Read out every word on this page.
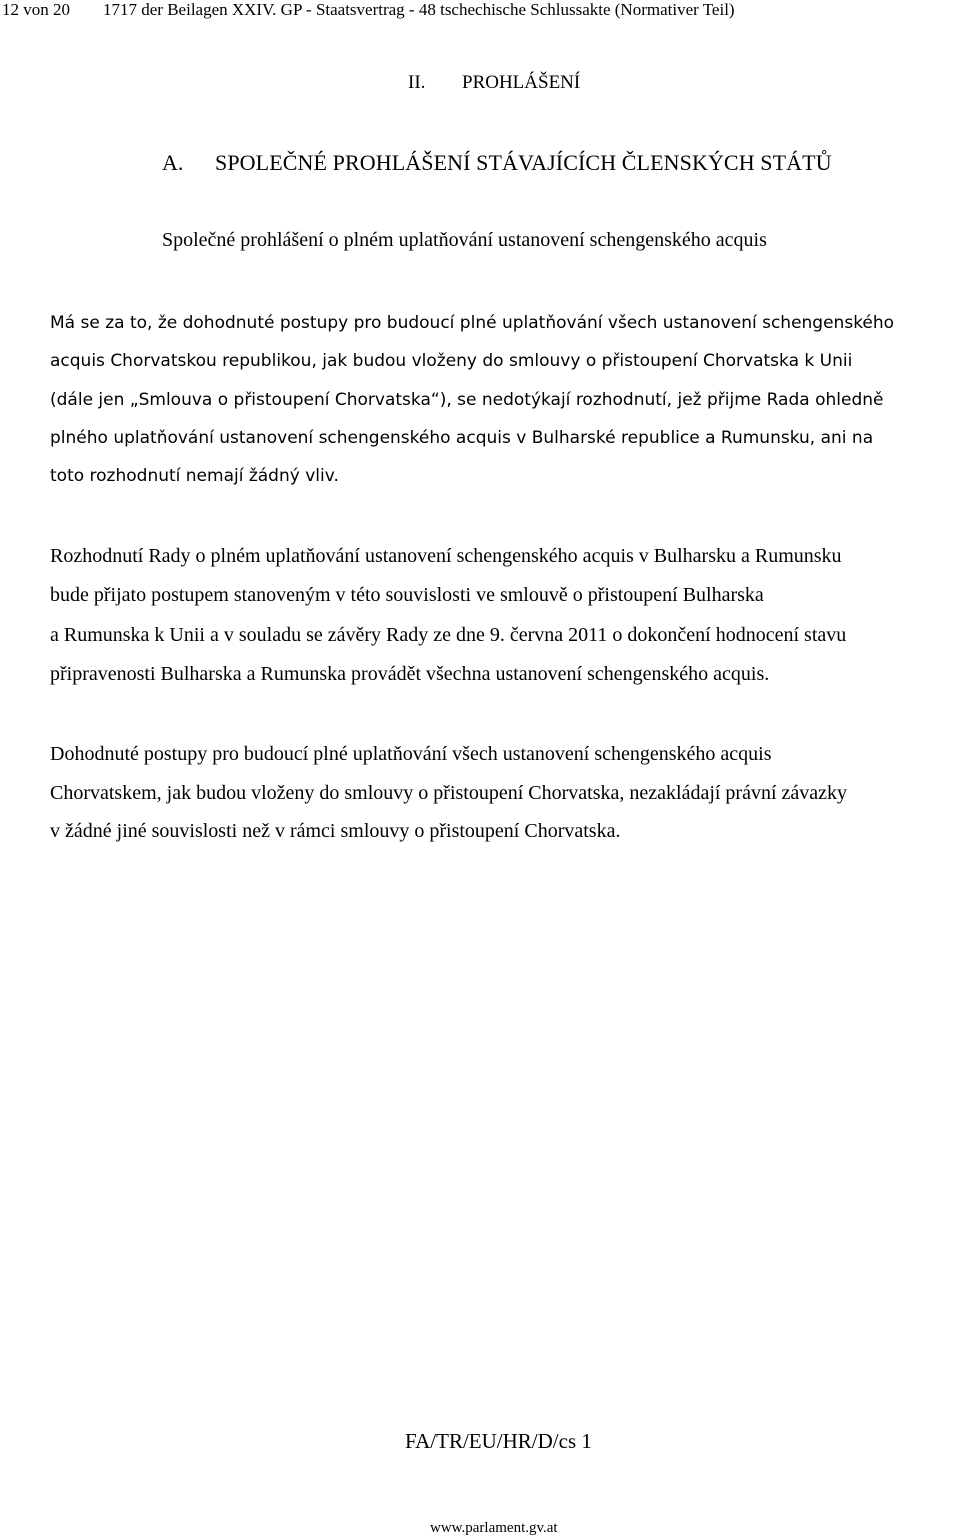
12 von 20 1717 der Beilagen XXIV. GP - Staatsvertrag - 48 tschechische Schlussakte (Normativer Teil)
II. PROHLÁŠENÍ
A. SPOLEČNÉ PROHLÁŠENÍ STÁVAJÍCÍCH ČLENSKÝCH STÁTŮ
Společné prohlášení o plném uplatňování ustanovení schengenského acquis
Má se za to, že dohodnuté postupy pro budoucí plné uplatňování všech ustanovení schengenského
acquis Chorvatskou republikou, jak budou vloženy do smlouvy o přistoupení Chorvatska k Unii
(dále jen „Smlouva o přistoupení Chorvatska“), se nedotýkají rozhodnutí, jež přijme Rada ohledně
plného uplatňování ustanovení schengenského acquis v Bulharské republice a Rumunsku, ani na
toto rozhodnutí nemají žádný vliv.
Rozhodnutí Rady o plném uplatňování ustanovení schengenského acquis v Bulharsku a Rumunsku
bude přijato postupem stanoveným v této souvislosti ve smlouvě o přistoupení Bulharska
a Rumunska k Unii a v souladu se závěry Rady ze dne 9. června 2011 o dokončení hodnocení stavu
připravenosti Bulharska a Rumunska provádět všechna ustanovení schengenského acquis.
Dohodnuté postupy pro budoucí plné uplatňování všech ustanovení schengenského acquis
Chorvatskem, jak budou vloženy do smlouvy o přistoupení Chorvatska, nezakládají právní závazky
v žádné jiné souvislosti než v rámci smlouvy o přistoupení Chorvatska.
FA/TR/EU/HR/D/cs 1
www.parlament.gv.at
